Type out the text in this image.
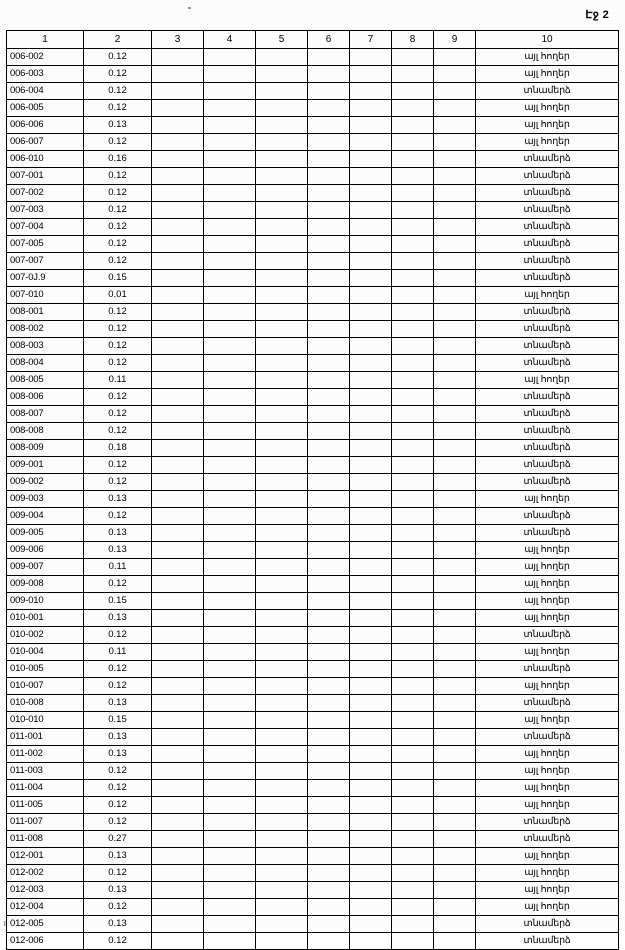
Էջ 2
1	2	3	4	5	6	7	8	9	10
006-002	0.12								այլ հողեր
006-003	0.12								այլ հողեր
006-004	0.12								տնամերձ
006-005	0.12								այլ հողեր
006-006	0.13								այլ հողեր
006-007	0.12								այլ հողեր
006-010	0.16								տնամերձ
007-001	0.12								տնամերձ
007-002	0.12								տնամերձ
007-003	0.12								տնամերձ
007-004	0.12								տնամերձ
007-005	0.12								տնամերձ
007-007	0.12								տնամերձ
007-0J.9	0.15								տնամերձ
007-010	0.01								այլ հողեր
008-001	0.12								տնամերձ
008-002	0.12								տնամերձ
008-003	0.12								տնամերձ
008-004	0.12								տնամերձ
008-005	0.11								այլ հողեր
008-006	0.12								տնամերձ
008-007	0.12								տնամերձ
008-008	0.12								տնամերձ
008-009	0.18								տնամերձ
009-001	0.12								տնամերձ
009-002	0.12								տնամերձ
009-003	0.13								այլ հողեր
009-004	0.12								տնամերձ
009-005	0.13								տնամերձ
009-006	0.13								այլ հողեր
009-007	0.11								այլ հողեր
009-008	0.12								այլ հողեր
009-010	0.15								այլ հողեր
010-001	0.13								այլ հողեր
010-002	0.12								տնամերձ
010-004	0.11								այլ հողեր
010-005	0.12								տնամերձ
010-007	0.12								այլ հողեր
010-008	0.13								տնամերձ
010-010	0.15								այլ հողեր
011-001	0.13								տնամերձ
011-002	0.13								այլ հողեր
011-003	0.12								այլ հողեր
011-004	0.12								այլ հողեր
011-005	0.12								այլ հողեր
011-007	0.12								տնամերձ
011-008	0.27								տնամերձ
012-001	0.13								այլ հողեր
012-002	0.12								այլ հողեր
012-003	0.13								այլ հողեր
012-004	0.12								այլ հողեր
012-005	0.13								տնամերձ
012-006	0.12								տնամերձ
।
